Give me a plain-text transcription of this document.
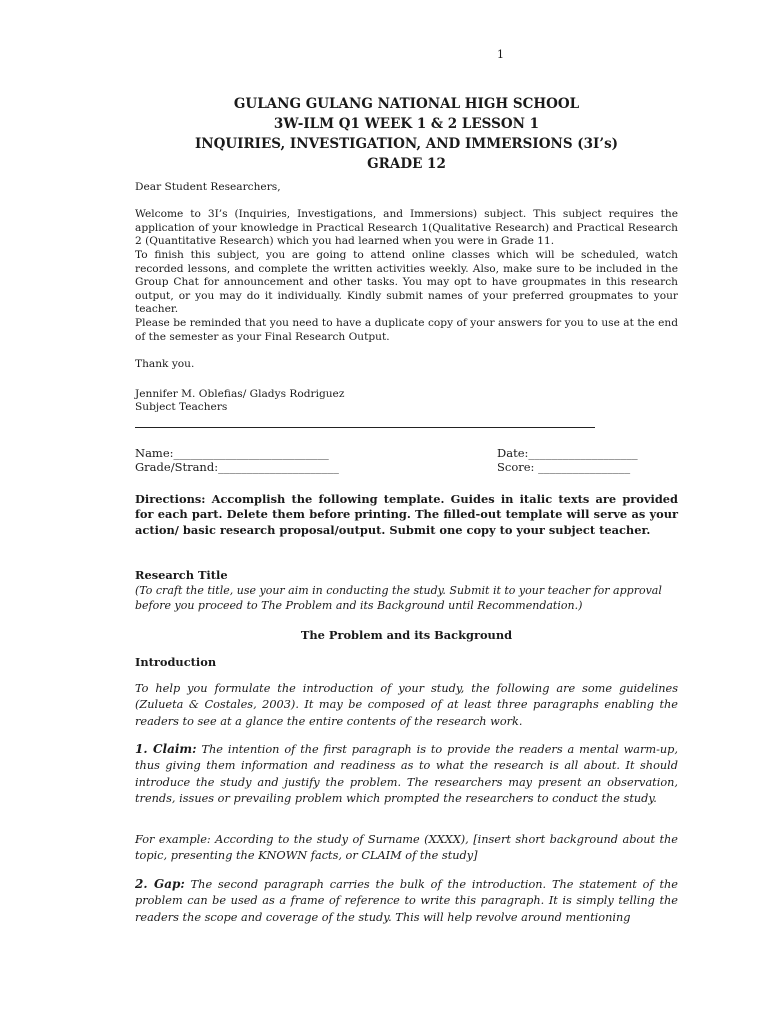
1
GULANG GULANG NATIONAL HIGH SCHOOL
3W-ILM Q1 WEEK 1 & 2 LESSON 1
INQUIRIES, INVESTIGATION, AND IMMERSIONS (3I’s)
GRADE 12
Dear Student Researchers,
Welcome to 3I’s (Inquiries, Investigations, and Immersions) subject. This subject requires the application of your knowledge in Practical Research 1(Qualitative Research) and Practical Research 2 (Quantitative Research) which you had learned when you were in Grade 11.
To finish this subject, you are going to attend online classes which will be scheduled, watch recorded lessons, and complete the written activities weekly. Also, make sure to be included in the Group Chat for announcement and other tasks. You may opt to have groupmates in this research output, or you may do it individually. Kindly submit names of your preferred groupmates to your teacher.
Please be reminded that you need to have a duplicate copy of your answers for you to use at the end of the semester as your Final Research Output.
Thank you.
Jennifer M. Oblefias/ Gladys Rodriguez
Subject Teachers
Name:___________________________	Date:___________________
Grade/Strand:_____________________	Score: ________________
Directions: Accomplish the following template. Guides in italic texts are provided for each part. Delete them before printing. The filled-out template will serve as your action/ basic research proposal/output. Submit one copy to your subject teacher.
Research Title
(To craft the title, use your aim in conducting the study. Submit it to your teacher for approval before you proceed to The Problem and its Background until Recommendation.)
The Problem and its Background
Introduction
To help you formulate the introduction of your study, the following are some guidelines (Zulueta & Costales, 2003). It may be composed of at least three paragraphs enabling the readers to see at a glance the entire contents of the research work.
1. Claim: The intention of the first paragraph is to provide the readers a mental warm-up, thus giving them information and readiness as to what the research is all about. It should introduce the study and justify the problem. The researchers may present an observation, trends, issues or prevailing problem which prompted the researchers to conduct the study.
For example: According to the study of Surname (XXXX), [insert short background about the topic, presenting the KNOWN facts, or CLAIM of the study]
2. Gap: The second paragraph carries the bulk of the introduction. The statement of the problem can be used as a frame of reference to write this paragraph. It is simply telling the readers the scope and coverage of the study. This will help revolve around mentioning
